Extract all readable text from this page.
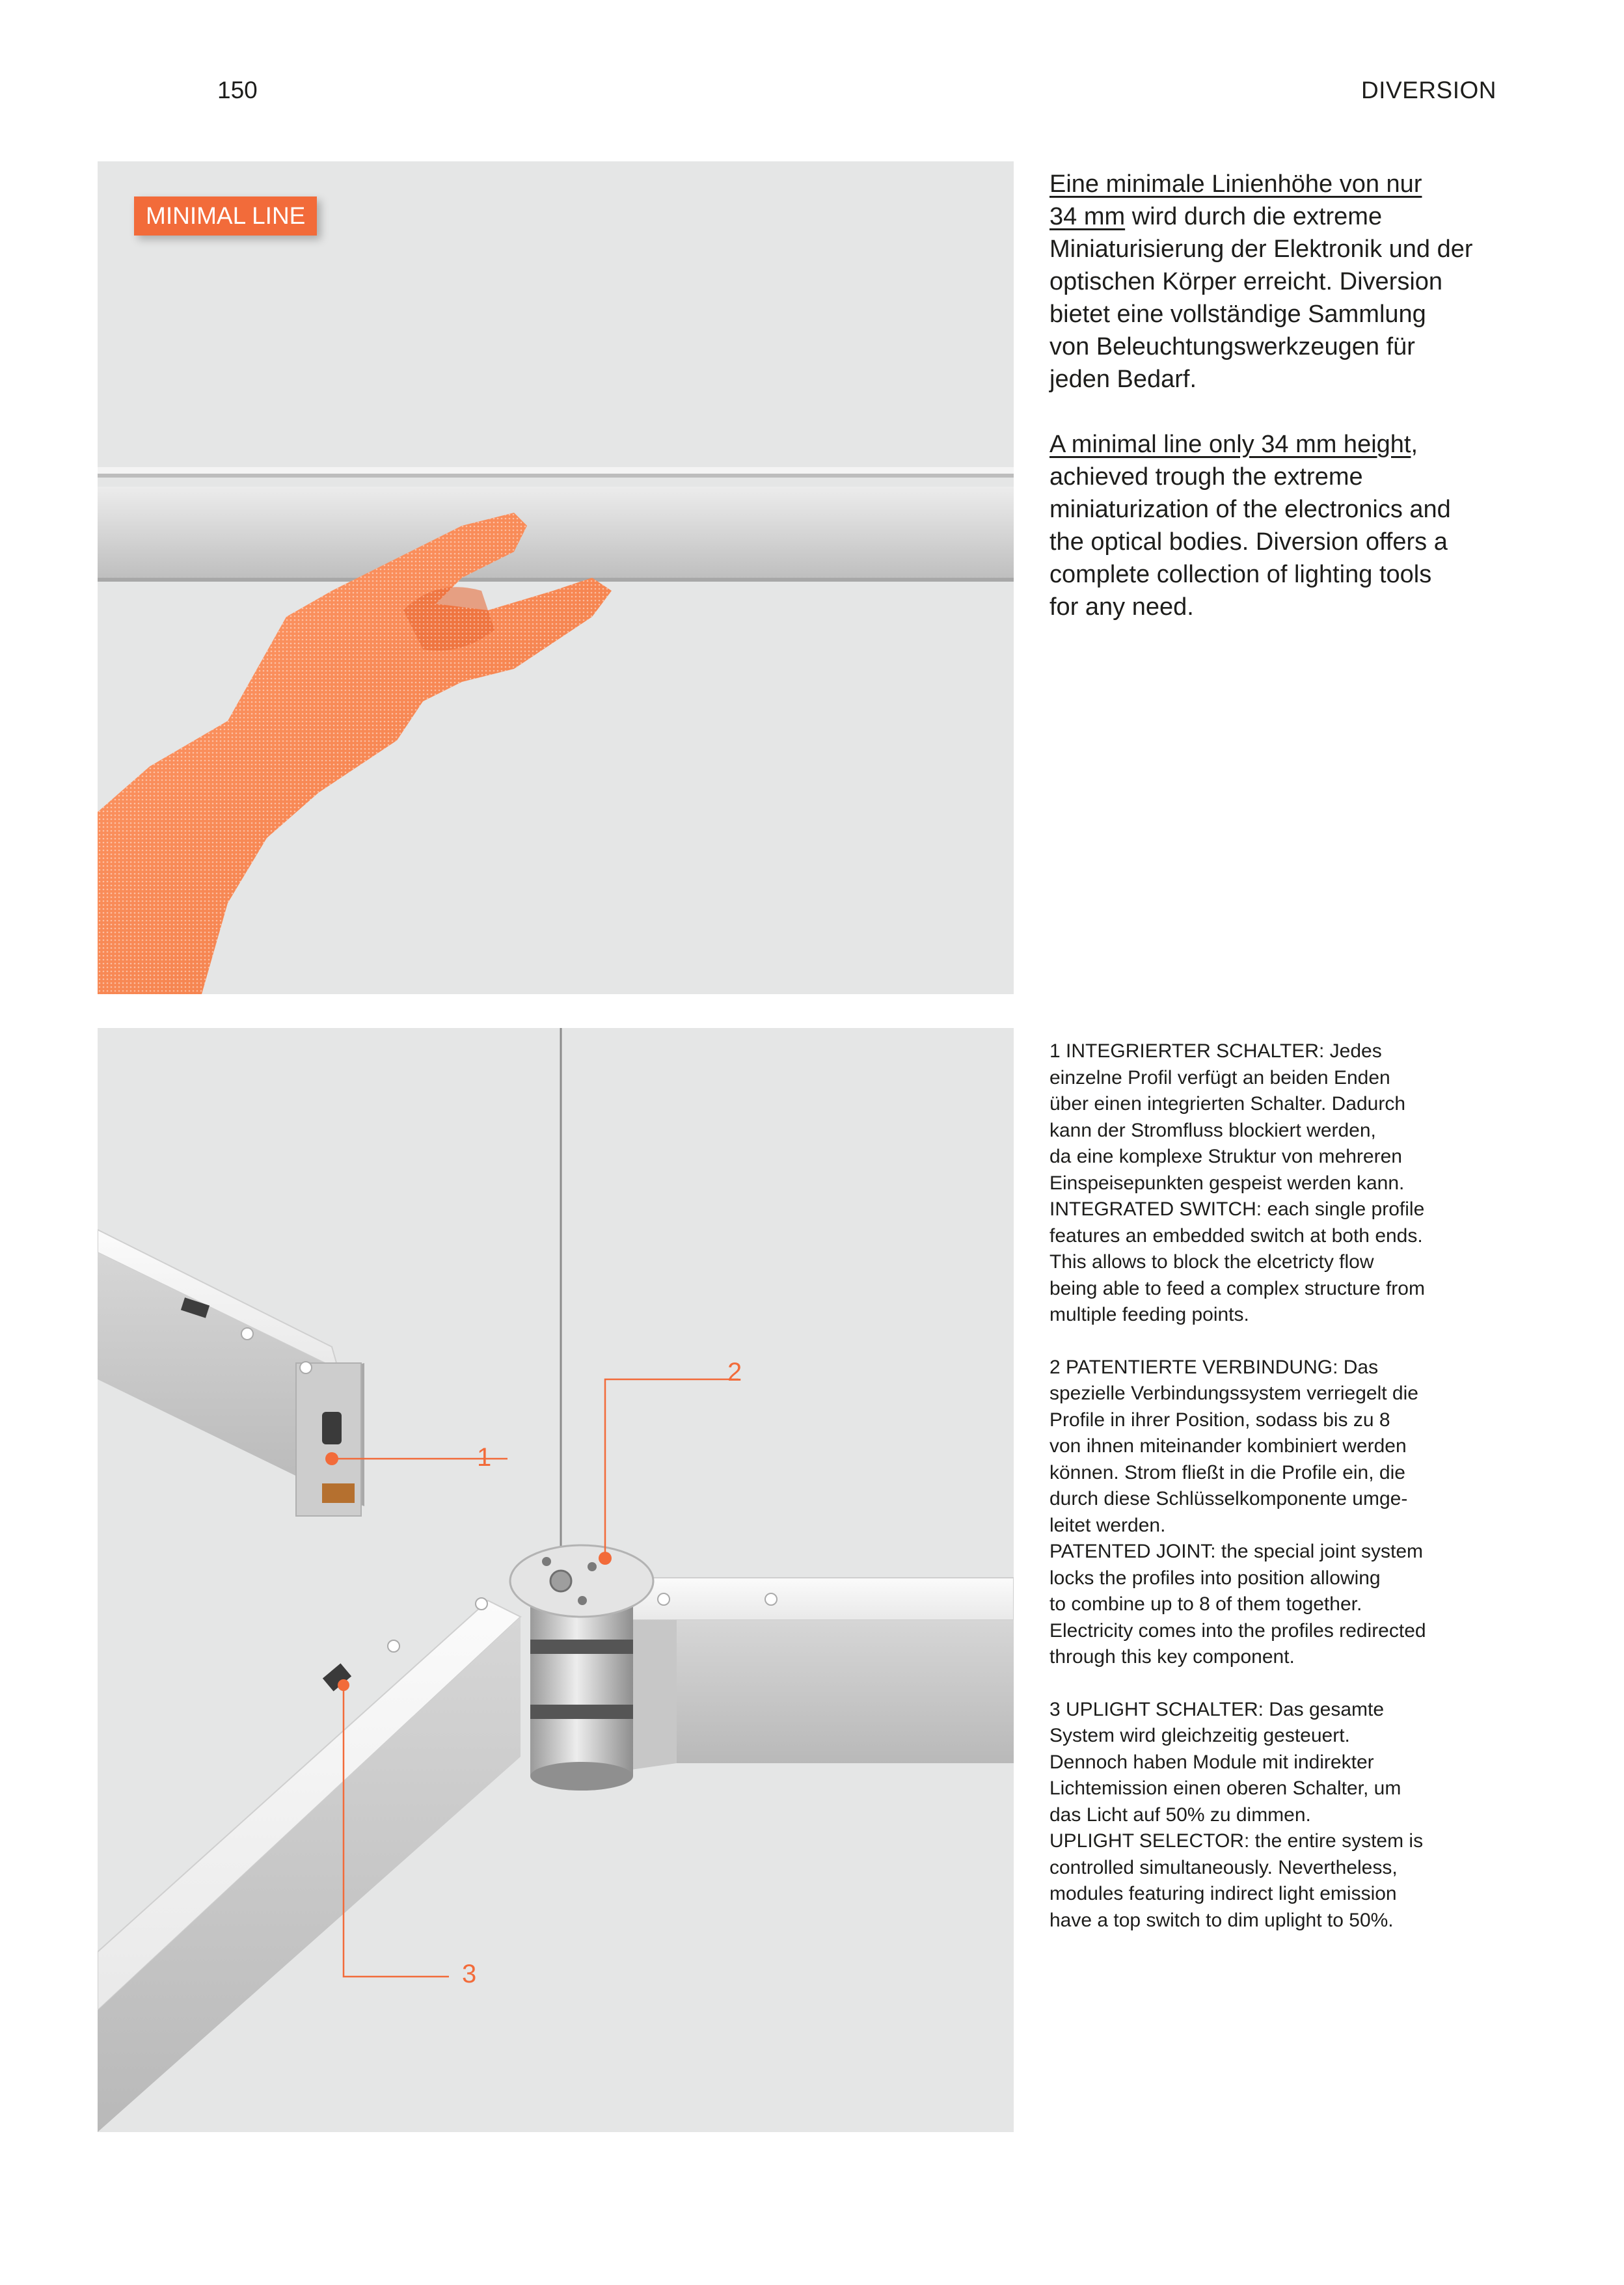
150	DIVERSION
MINIMAL LINE

Eine minimale Linienhöhe von nur
34 mm wird durch die extreme
Miniaturisierung der Elektronik und der
optischen Körper erreicht. Diversion
bietet eine vollständige Sammlung
von Beleuchtungswerkzeugen für
jeden Bedarf.

A minimal line only 34 mm height,
achieved trough the extreme
miniaturization of the electronics and
the optical bodies. Diversion offers a
complete collection of lighting tools
for any need.

1
2
3
1 INTEGRIERTER SCHALTER: Jedes
einzelne Profil verfügt an beiden Enden
über einen integrierten Schalter. Dadurch
kann der Stromfluss blockiert werden,
da eine komplexe Struktur von mehreren
Einspeisepunkten gespeist werden kann.
INTEGRATED SWITCH: each single profile
features an embedded switch at both ends.
This allows to block the elcetricty flow
being able to feed a complex structure from
multiple feeding points.
2 PATENTIERTE VERBINDUNG: Das
spezielle Verbindungssystem verriegelt die
Profile in ihrer Position, sodass bis zu 8
von ihnen miteinander kombiniert werden
können. Strom fließt in die Profile ein, die
durch diese Schlüsselkomponente umge-
leitet werden.
PATENTED JOINT: the special joint system
locks the profiles into position allowing
to combine up to 8 of them together.
Electricity comes into the profiles redirected
through this key component.
3 UPLIGHT SCHALTER: Das gesamte
System wird gleichzeitig gesteuert.
Dennoch haben Module mit indirekter
Lichtemission einen oberen Schalter, um
das Licht auf 50% zu dimmen.
UPLIGHT SELECTOR: the entire system is
controlled simultaneously. Nevertheless,
modules featuring indirect light emission
have a top switch to dim uplight to 50%.
